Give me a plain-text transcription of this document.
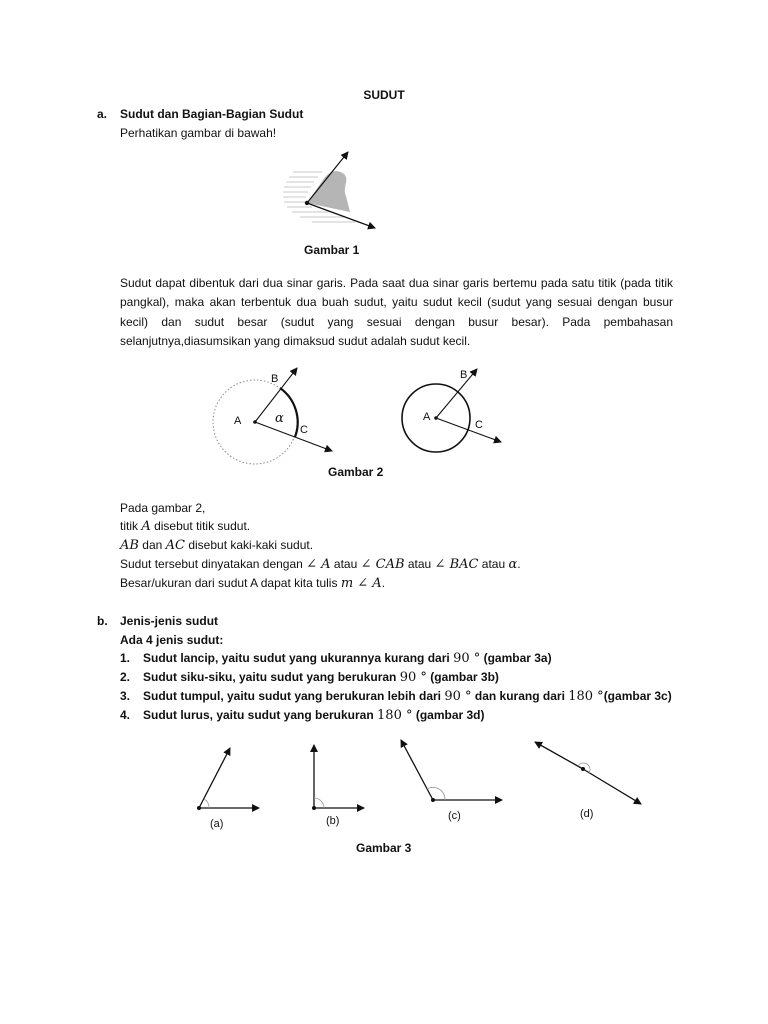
SUDUT
a. Sudut dan Bagian-Bagian Sudut
Perhatikan gambar di bawah!
Gambar 1
Sudut dapat dibentuk dari dua sinar garis. Pada saat dua sinar garis bertemu pada satu titik (pada titik pangkal), maka akan terbentuk dua buah sudut, yaitu sudut kecil (sudut yang sesuai dengan busur kecil) dan sudut besar (sudut yang sesuai dengan busur besar). Pada pembahasan selanjutnya,diasumsikan yang dimaksud sudut adalah sudut kecil.
A
B
C
α	A
B
C
Gambar 2
Pada gambar 2,
titik A disebut titik sudut.
AB dan AC disebut kaki-kaki sudut.
Sudut tersebut dinyatakan dengan ∠ A atau ∠ CAB atau ∠ BAC atau α.
Besar/ukuran dari sudut A dapat kita tulis m ∠ A.
b. Jenis-jenis sudut
Ada 4 jenis sudut:
1. Sudut lancip, yaitu sudut yang ukurannya kurang dari 90 ° (gambar 3a)
2. Sudut siku-siku, yaitu sudut yang berukuran 90 ° (gambar 3b)
3. Sudut tumpul, yaitu sudut yang berukuran lebih dari 90 ° dan kurang dari 180 °(gambar 3c)
4. Sudut lurus, yaitu sudut yang berukuran 180 ° (gambar 3d)
(a)	(b)	(c)	(d)
Gambar 3
